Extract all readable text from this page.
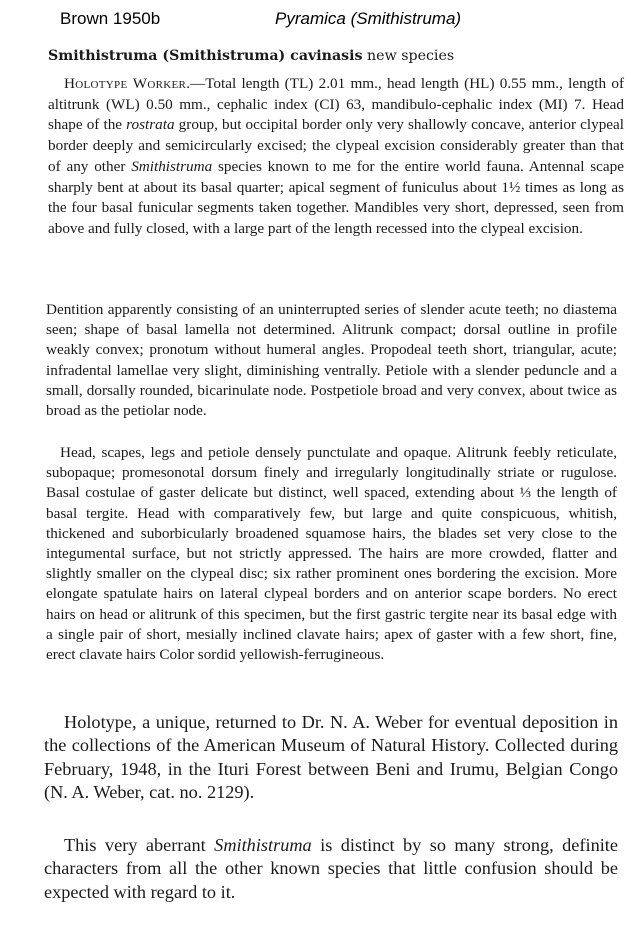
Brown 1950b	Pyramica (Smithistruma)
Smithistruma (Smithistruma) cavinasis new species
Holotype Worker.—Total length (TL) 2.01 mm., head length (HL) 0.55 mm., length of altitrunk (WL) 0.50 mm., cephalic index (CI) 63, mandibulo-cephalic index (MI) 7. Head shape of the rostrata group, but occipital border only very shallowly concave, anterior clypeal border deeply and semicircularly excised; the clypeal excision considerably greater than that of any other Smithistruma species known to me for the entire world fauna. Antennal scape sharply bent at about its basal quarter; apical segment of funiculus about 1½ times as long as the four basal funicular segments taken together. Mandibles very short, depressed, seen from above and fully closed, with a large part of the length recessed into the clypeal excision.
Dentition apparently consisting of an uninterrupted series of slender acute teeth; no diastema seen; shape of basal lamella not determined. Alitrunk compact; dorsal outline in profile weakly convex; pronotum without humeral angles. Propodeal teeth short, triangular, acute; infradental lamellae very slight, diminishing ventrally. Petiole with a slender peduncle and a small, dorsally rounded, bicarinulate node. Postpetiole broad and very convex, about twice as broad as the petiolar node.
Head, scapes, legs and petiole densely punctulate and opaque. Alitrunk feebly reticulate, subopaque; promesonotal dorsum finely and irregularly longitudinally striate or rugulose. Basal costulae of gaster delicate but distinct, well spaced, extending about ⅓ the length of basal tergite. Head with comparatively few, but large and quite conspicuous, whitish, thickened and suborbicularly broadened squamose hairs, the blades set very close to the integumental surface, but not strictly appressed. The hairs are more crowded, flatter and slightly smaller on the clypeal disc; six rather prominent ones bordering the excision. More elongate spatulate hairs on lateral clypeal borders and on anterior scape borders. No erect hairs on head or alitrunk of this specimen, but the first gastric tergite near its basal edge with a single pair of short, mesially inclined clavate hairs; apex of gaster with a few short, fine, erect clavate hairs Color sordid yellowish-ferrugineous.
Holotype, a unique, returned to Dr. N. A. Weber for eventual deposition in the collections of the American Museum of Natural History. Collected during February, 1948, in the Ituri Forest between Beni and Irumu, Belgian Congo (N. A. Weber, cat. no. 2129).
This very aberrant Smithistruma is distinct by so many strong, definite characters from all the other known species that little confusion should be expected with regard to it.
